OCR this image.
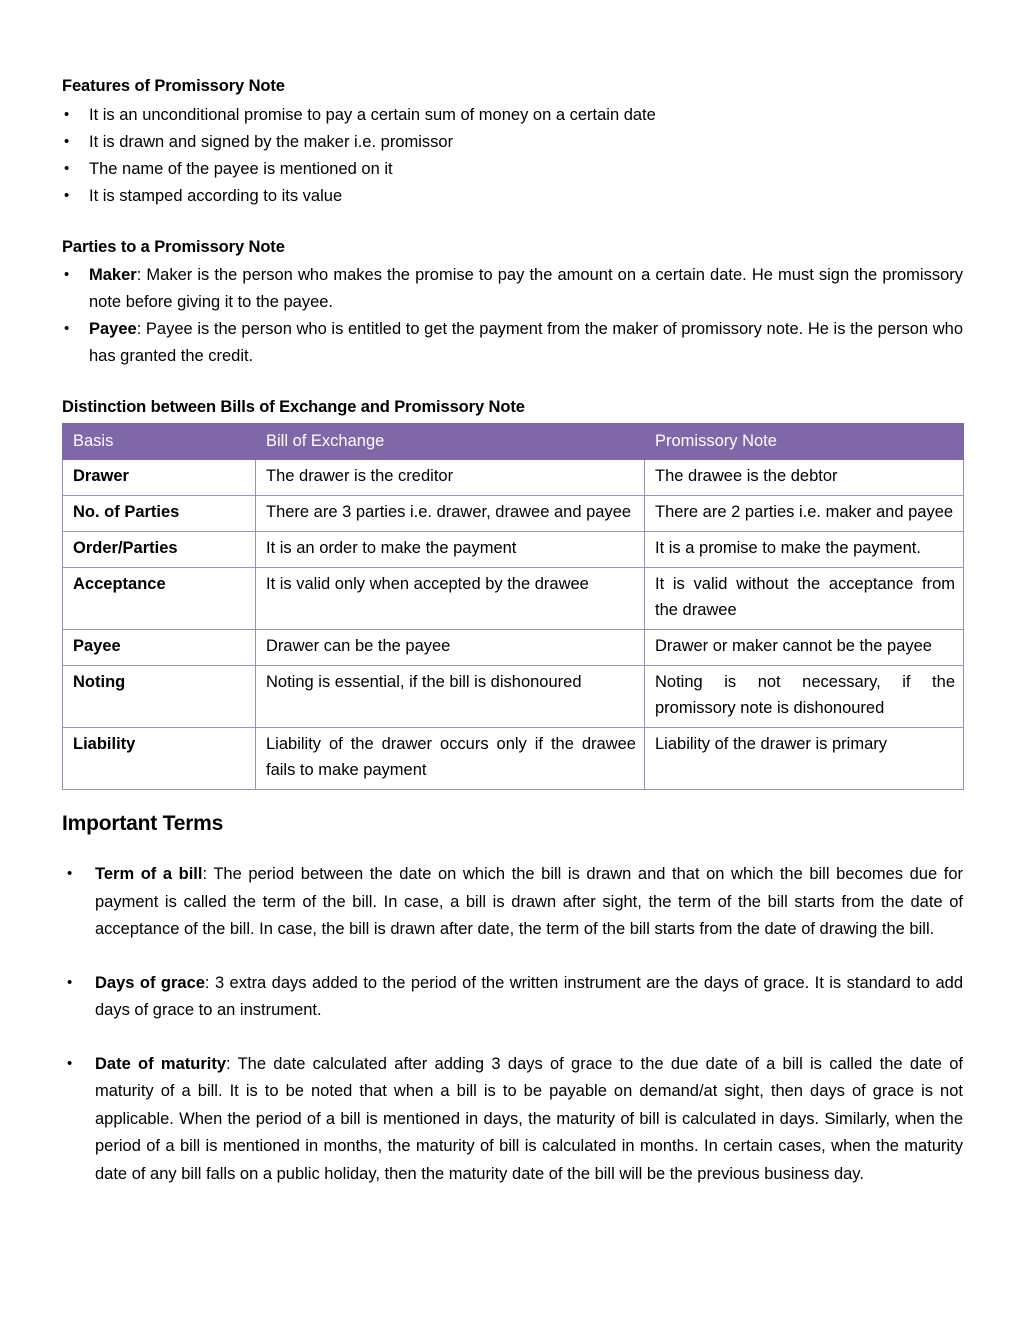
Features of Promissory Note
• It is an unconditional promise to pay a certain sum of money on a certain date
• It is drawn and signed by the maker i.e. promissor
• The name of the payee is mentioned on it
• It is stamped according to its value
Parties to a Promissory Note
• Maker: Maker is the person who makes the promise to pay the amount on a certain date. He must sign the promissory note before giving it to the payee.
• Payee: Payee is the person who is entitled to get the payment from the maker of promissory note. He is the person who has granted the credit.
Distinction between Bills of Exchange and Promissory Note
Basis	Bill of Exchange	Promissory Note
Drawer	The drawer is the creditor	The drawee is the debtor
No. of Parties	There are 3 parties i.e. drawer, drawee and payee	There are 2 parties i.e. maker and payee
Order/Parties	It is an order to make the payment	It is a promise to make the payment.
Acceptance	It is valid only when accepted by the drawee	It is valid without the acceptance from the drawee
Payee	Drawer can be the payee	Drawer or maker cannot be the payee
Noting	Noting is essential, if the bill is dishonoured	Noting is not necessary, if the promissory note is dishonoured
Liability	Liability of the drawer occurs only if the drawee fails to make payment	Liability of the drawer is primary
Important Terms
• Term of a bill: The period between the date on which the bill is drawn and that on which the bill becomes due for payment is called the term of the bill. In case, a bill is drawn after sight, the term of the bill starts from the date of acceptance of the bill. In case, the bill is drawn after date, the term of the bill starts from the date of drawing the bill.
• Days of grace: 3 extra days added to the period of the written instrument are the days of grace. It is standard to add days of grace to an instrument.
• Date of maturity: The date calculated after adding 3 days of grace to the due date of a bill is called the date of maturity of a bill. It is to be noted that when a bill is to be payable on demand/at sight, then days of grace is not applicable. When the period of a bill is mentioned in days, the maturity of bill is calculated in days. Similarly, when the period of a bill is mentioned in months, the maturity of bill is calculated in months. In certain cases, when the maturity date of any bill falls on a public holiday, then the maturity date of the bill will be the previous business day.
